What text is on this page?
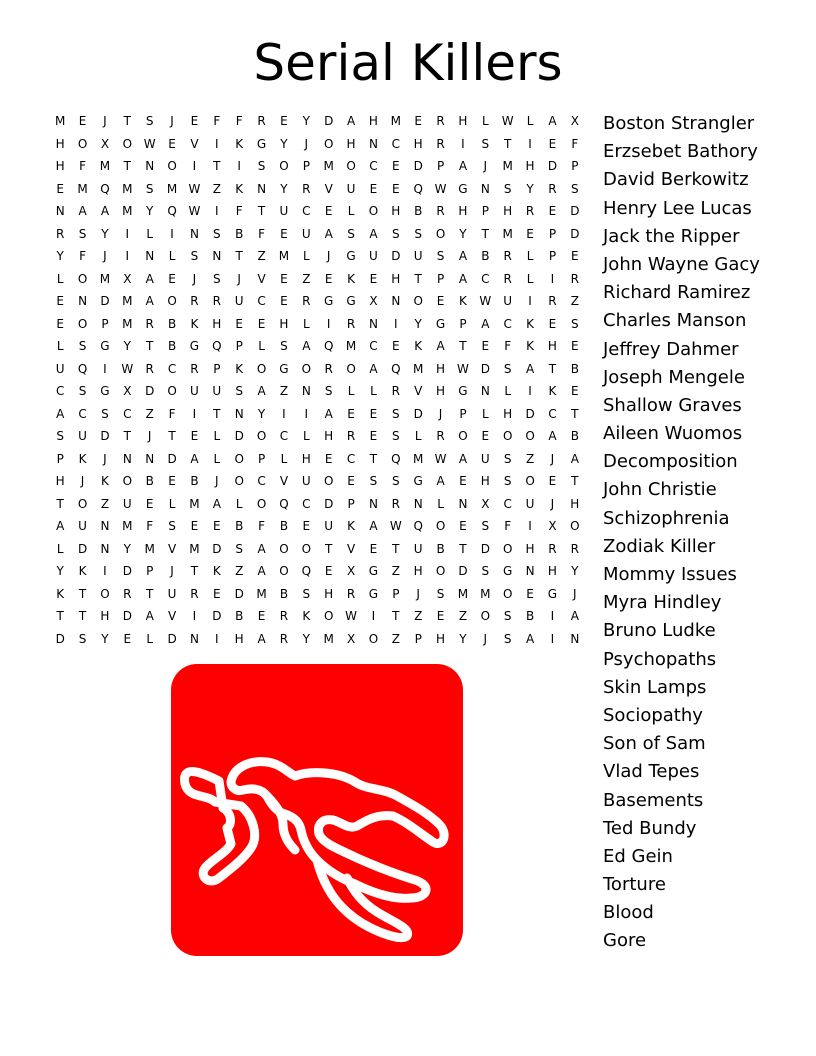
Serial Killers
M	E	J	T	S	J	E	F	F	R	E	Y	D	A	H	M	E	R	H	L	W	L	A	X
H	O	X	O W	E	V	I	K	G	Y	J	O	H	N	C	H	R	I	S	T	I	E	F
H	F	M	T	N	O	I	T	I	S	O	P	M	O	C	E	D	P	A	J	M	H	D	P
E	M	Q	M	S	M W	Z	K	N	Y	R	V	U	E	E	Q W G	N	S	Y	R	S
N	A	A	M	Y	Q W	I	F	T	U	C	E	L	O	H	B	R	H	P	H	R	E	D
R	S	Y	I	L	I	N	S	B	F	E	U	A	S	A	S	S	O	Y	T	M	E	P	D
Y	F	J	I	N	L	S	N	T	Z	M	L	J	G	U	D	U	S	A	B	R	L	P	E
L	O	M	X	A	E	J	S	J	V	E	Z	E	K	E	H	T	P	A	C	R	L	I	R
E	N	D	M	A	O	R	R	U	C	E	R	G	G	X	N	O	E	K	W	U	I	R	Z
E	O	P	M	R	B	K	H	E	E	H	L	I	R	N	I	Y	G	P	A	C	K	E	S
L	S	G	Y	T	B	G	Q	P	L	S	A	Q	M	C	E	K	A	T	E	F	K	H	E
U	Q	I	W	R	C	R	P	K	O	G	O	R	O	A	Q	M	H W D	S	A	T	B
C	S	G	X	D	O	U	U	S	A	Z	N	S	L	L	R	V	H	G	N	L	I	K	E
A	C	S	C	Z	F	I	T	N	Y	I	I	A	E	E	S	D	J	P	L	H	D	C	T
S	U	D	T	J	T	E	L	D	O	C	L	H	R	E	S	L	R	O	E	O	O	A	B
P	K	J	N	N	D	A	L	O	P	L	H	E	C	T	Q	M W	A	U	S	Z	J	A
H	J	K	O	B	E	B	J	O	C	V	U	O	E	S	S	G	A	E	H	S	O	E	T
T	O	Z	U	E	L	M	A	L	O	Q	C	D	P	N	R	N	L	N	X	C	U	J	H
A	U	N	M	F	S	E	E	B	F	B	E	U	K	A	W Q	O	E	S	F	I	X	O
L	D	N	Y	M	V	M	D	S	A	O	O	T	V	E	T	U	B	T	D	O	H	R	R
Y	K	I	D	P	J	T	K	Z	A	O	Q	E	X	G	Z	H	O	D	S	G	N	H	Y
K	T	O	R	T	U	R	E	D	M	B	S	H	R	G	P	J	S	M	M	O	E	G	J
T	T	H	D	A	V	I	D	B	E	R	K	O W	I	T	Z	E	Z	O	S	B	I	A
D	S	Y	E	L	D	N	I	H	A	R	Y	M	X	O	Z	P	H	Y	J	S	A	I	N
Boston Strangler
Erzsebet Bathory
David Berkowitz
Henry Lee Lucas
Jack the Ripper
John Wayne Gacy
Richard Ramirez
Charles Manson
Jeffrey Dahmer
Joseph Mengele
Shallow Graves
Aileen Wuomos
Decomposition
John Christie
Schizophrenia
Zodiak Killer
Mommy Issues
Myra Hindley
Bruno Ludke
Psychopaths
Skin Lamps
Sociopathy
Son of Sam
Vlad Tepes
Basements
Ted Bundy
Ed Gein
Torture
Blood
Gore
